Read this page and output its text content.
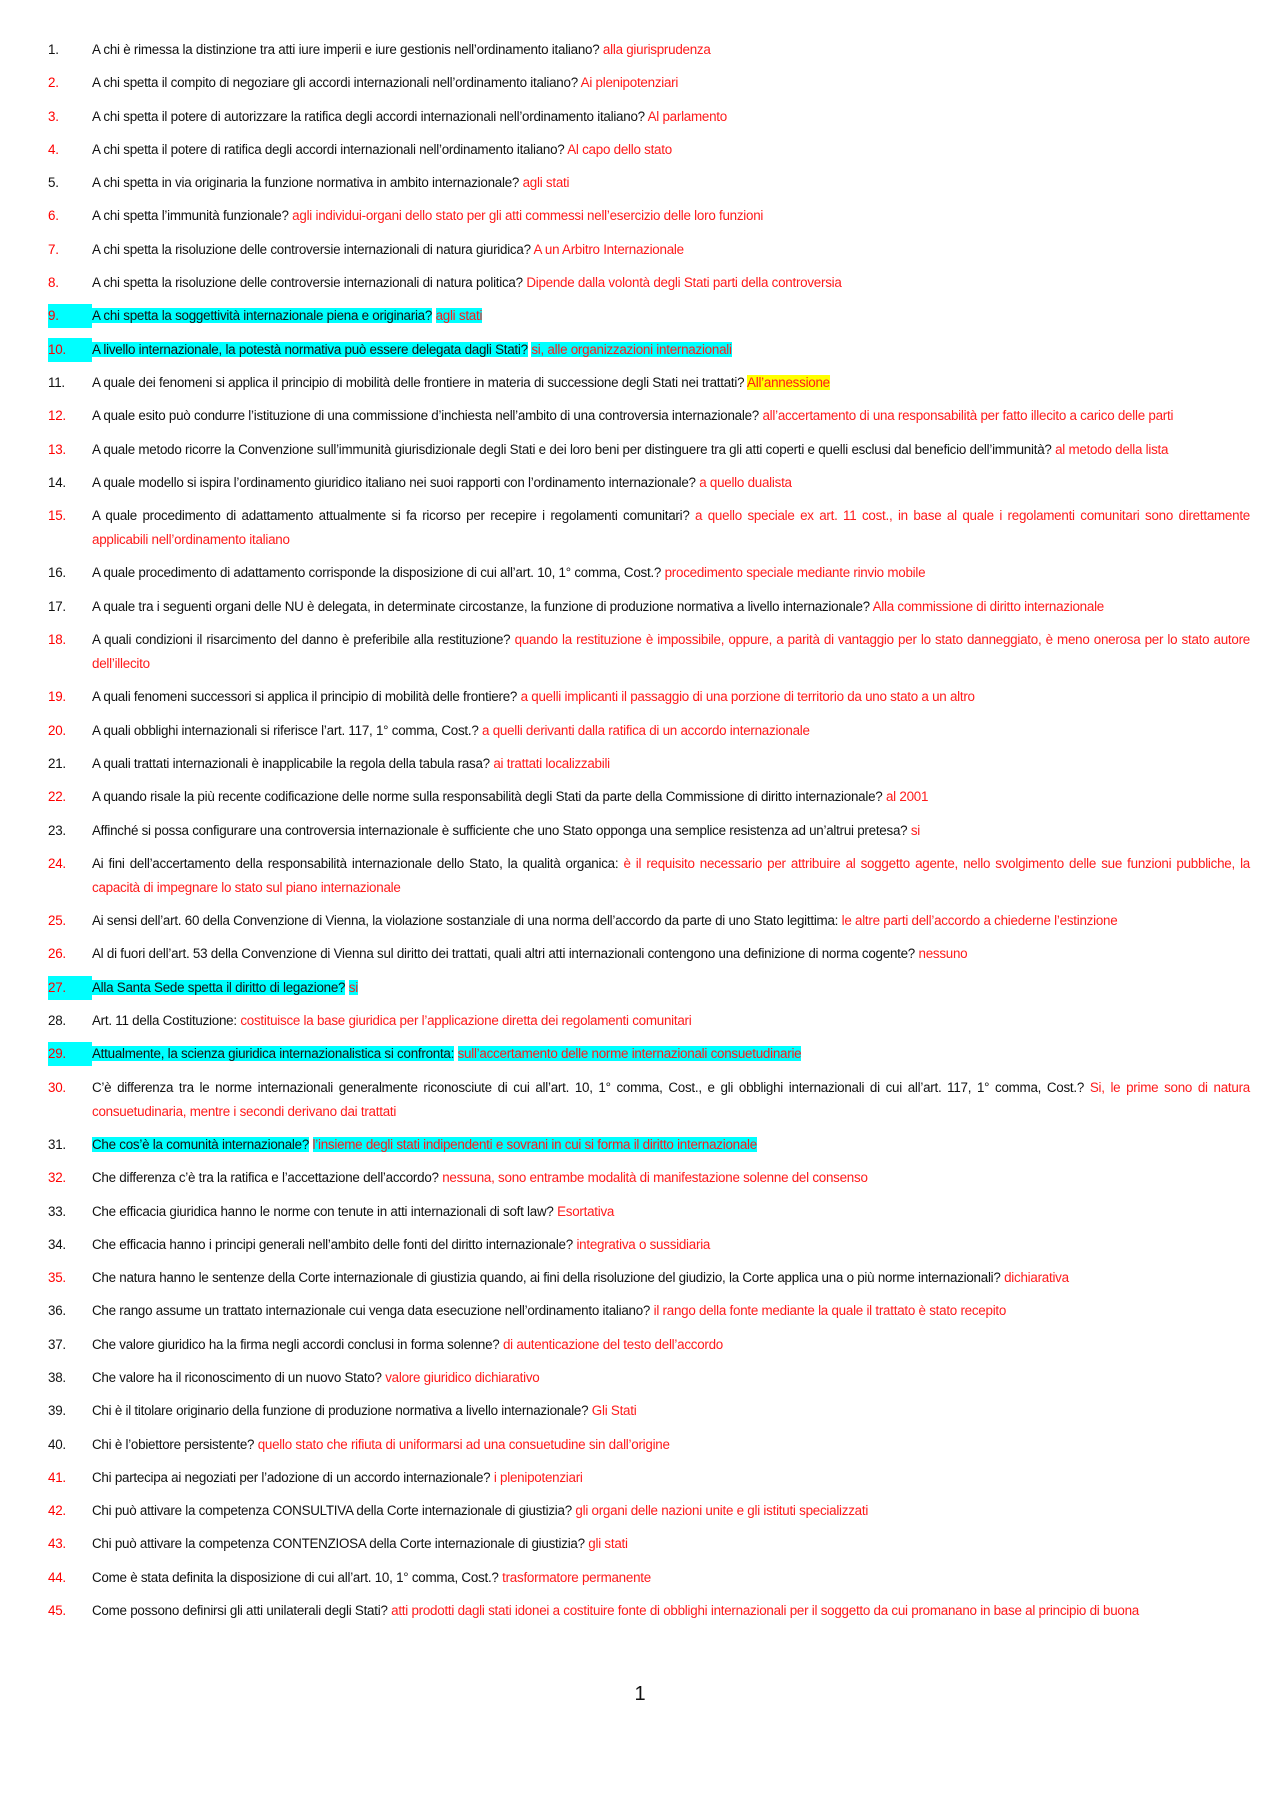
1.	A chi è rimessa la distinzione tra atti iure imperii e iure gestionis nell’ordinamento italiano? alla giurisprudenza
2.	A chi spetta il compito di negoziare gli accordi internazionali nell’ordinamento italiano? Ai plenipotenziari
3.	A chi spetta il potere di autorizzare la ratifica degli accordi internazionali nell’ordinamento italiano? Al parlamento
4.	A chi spetta il potere di ratifica degli accordi internazionali nell’ordinamento italiano? Al capo dello stato
5.	A chi spetta in via originaria la funzione normativa in ambito internazionale? agli stati
6.	A chi spetta l’immunità funzionale? agli individui-organi dello stato per gli atti commessi nell’esercizio delle loro funzioni
7.	A chi spetta la risoluzione delle controversie internazionali di natura giuridica? A un Arbitro Internazionale
8.	A chi spetta la risoluzione delle controversie internazionali di natura politica? Dipende dalla volontà degli Stati parti della controversia
9.	A chi spetta la soggettività internazionale piena e originaria? agli stati
10.	A livello internazionale, la potestà normativa può essere delegata dagli Stati? si, alle organizzazioni internazionali
11.	A quale dei fenomeni si applica il principio di mobilità delle frontiere in materia di successione degli Stati nei trattati? All’annessione
12.	A quale esito può condurre l’istituzione di una commissione d’inchiesta nell’ambito di una controversia internazionale? all’accertamento di una responsabilità per fatto illecito a carico delle parti
13.	A quale metodo ricorre la Convenzione sull’immunità giurisdizionale degli Stati e dei loro beni per distinguere tra gli atti coperti e quelli esclusi dal beneficio dell’immunità? al metodo della lista
14.	A quale modello si ispira l’ordinamento giuridico italiano nei suoi rapporti con l’ordinamento internazionale? a quello dualista
15.	A quale procedimento di adattamento attualmente si fa ricorso per recepire i regolamenti comunitari? a quello speciale ex art. 11 cost., in base al quale i regolamenti comunitari sono direttamente applicabili nell’ordinamento italiano
16.	A quale procedimento di adattamento corrisponde la disposizione di cui all’art. 10, 1° comma, Cost.? procedimento speciale mediante rinvio mobile
17.	A quale tra i seguenti organi delle NU è delegata, in determinate circostanze, la funzione di produzione normativa a livello internazionale? Alla commissione di diritto internazionale
18.	A quali condizioni il risarcimento del danno è preferibile alla restituzione? quando la restituzione è impossibile, oppure, a parità di vantaggio per lo stato danneggiato, è meno onerosa per lo stato autore dell’illecito
19.	A quali fenomeni successori si applica il principio di mobilità delle frontiere? a quelli implicanti il passaggio di una porzione di territorio da uno stato a un altro
20.	A quali obblighi internazionali si riferisce l’art. 117, 1° comma, Cost.? a quelli derivanti dalla ratifica di un accordo internazionale
21.	A quali trattati internazionali è inapplicabile la regola della tabula rasa? ai trattati localizzabili
22.	A quando risale la più recente codificazione delle norme sulla responsabilità degli Stati da parte della Commissione di diritto internazionale? al 2001
23.	Affinché si possa configurare una controversia internazionale è sufficiente che uno Stato opponga una semplice resistenza ad un’altrui pretesa? si
24.	Ai fini dell’accertamento della responsabilità internazionale dello Stato, la qualità organica: è il requisito necessario per attribuire al soggetto agente, nello svolgimento delle sue funzioni pubbliche, la capacità di impegnare lo stato sul piano internazionale
25.	Ai sensi dell’art. 60 della Convenzione di Vienna, la violazione sostanziale di una norma dell’accordo da parte di uno Stato legittima: le altre parti dell’accordo a chiederne l’estinzione
26.	Al di fuori dell’art. 53 della Convenzione di Vienna sul diritto dei trattati, quali altri atti internazionali contengono una definizione di norma cogente? nessuno
27.	Alla Santa Sede spetta il diritto di legazione? si
28.	Art. 11 della Costituzione: costituisce la base giuridica per l’applicazione diretta dei regolamenti comunitari
29.	Attualmente, la scienza giuridica internazionalistica si confronta: sull’accertamento delle norme internazionali consuetudinarie
30.	C’è differenza tra le norme internazionali generalmente riconosciute di cui all’art. 10, 1° comma, Cost., e gli obblighi internazionali di cui all’art. 117, 1° comma, Cost.? Si, le prime sono di natura consuetudinaria, mentre i secondi derivano dai trattati
31.	Che cos’è la comunità internazionale? l’insieme degli stati indipendenti e sovrani in cui si forma il diritto internazionale
32.	Che differenza c’è tra la ratifica e l’accettazione dell’accordo? nessuna, sono entrambe modalità di manifestazione solenne del consenso
33.	Che efficacia giuridica hanno le norme con tenute in atti internazionali di soft law? Esortativa
34.	Che efficacia hanno i principi generali nell’ambito delle fonti del diritto internazionale? integrativa o sussidiaria
35.	Che natura hanno le sentenze della Corte internazionale di giustizia quando, ai fini della risoluzione del giudizio, la Corte applica una o più norme internazionali? dichiarativa
36.	Che rango assume un trattato internazionale cui venga data esecuzione nell’ordinamento italiano? il rango della fonte mediante la quale il trattato è stato recepito
37.	Che valore giuridico ha la firma negli accordi conclusi in forma solenne? di autenticazione del testo dell’accordo
38.	Che valore ha il riconoscimento di un nuovo Stato? valore giuridico dichiarativo
39.	Chi è il titolare originario della funzione di produzione normativa a livello internazionale? Gli Stati
40.	Chi è l’obiettore persistente? quello stato che rifiuta di uniformarsi ad una consuetudine sin dall’origine
41.	Chi partecipa ai negoziati per l’adozione di un accordo internazionale? i plenipotenziari
42.	Chi può attivare la competenza CONSULTIVA della Corte internazionale di giustizia? gli organi delle nazioni unite e gli istituti specializzati
43.	Chi può attivare la competenza CONTENZIOSA della Corte internazionale di giustizia? gli stati
44.	Come è stata definita la disposizione di cui all’art. 10, 1° comma, Cost.? trasformatore permanente
45.	Come possono definirsi gli atti unilaterali degli Stati? atti prodotti dagli stati idonei a costituire fonte di obblighi internazionali per il soggetto da cui promanano in base al principio di buona
1
